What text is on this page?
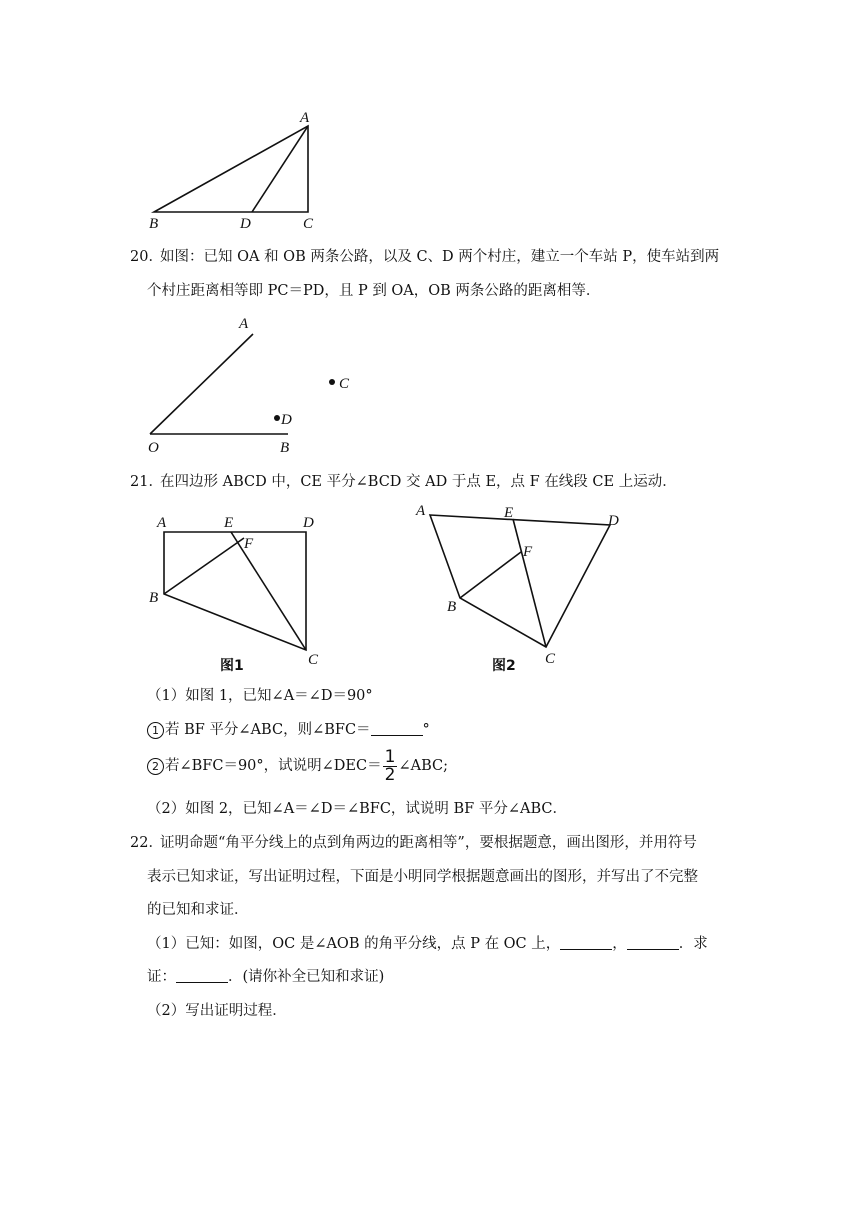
A
B	D	C
20．
如图：已知 OA 和 OB 两条公路，以及 C、D 两个村庄，建立一个车站 P，使车站到两
个村庄距离相等即 PC＝PD，且 P 到 OA，OB 两条公路的距离相等．
A
O	B
C
D
21．
在四边形 ABCD 中，CE 平分∠BCD 交 AD 于点 E，点 F 在线段 CE 上运动．
A	E	D
F
B
C
图1
A	E	D
F
B
C
图2
（1）如图 1，已知∠A＝∠D＝90°
1 若 BF 平分∠ABC，则∠BFC＝	°
2 若∠BFC＝90°，试说明∠DEC＝ $\frac{1}{2}$ ∠ABC;
（2）如图 2，已知∠A＝∠D＝∠BFC，试说明 BF 平分∠ABC．
22．
证明命题“角平分线上的点到角两边的距离相等”，要根据题意，画出图形，并用符号
表示已知求证，写出证明过程，下面是小明同学根据题意画出的图形，并写出了不完整
的已知和求证．
（1）已知：如图，OC 是∠AOB 的角平分线，点 P 在 OC 上，	，	．求
证：	．(请你补全已知和求证)
（2）写出证明过程．
